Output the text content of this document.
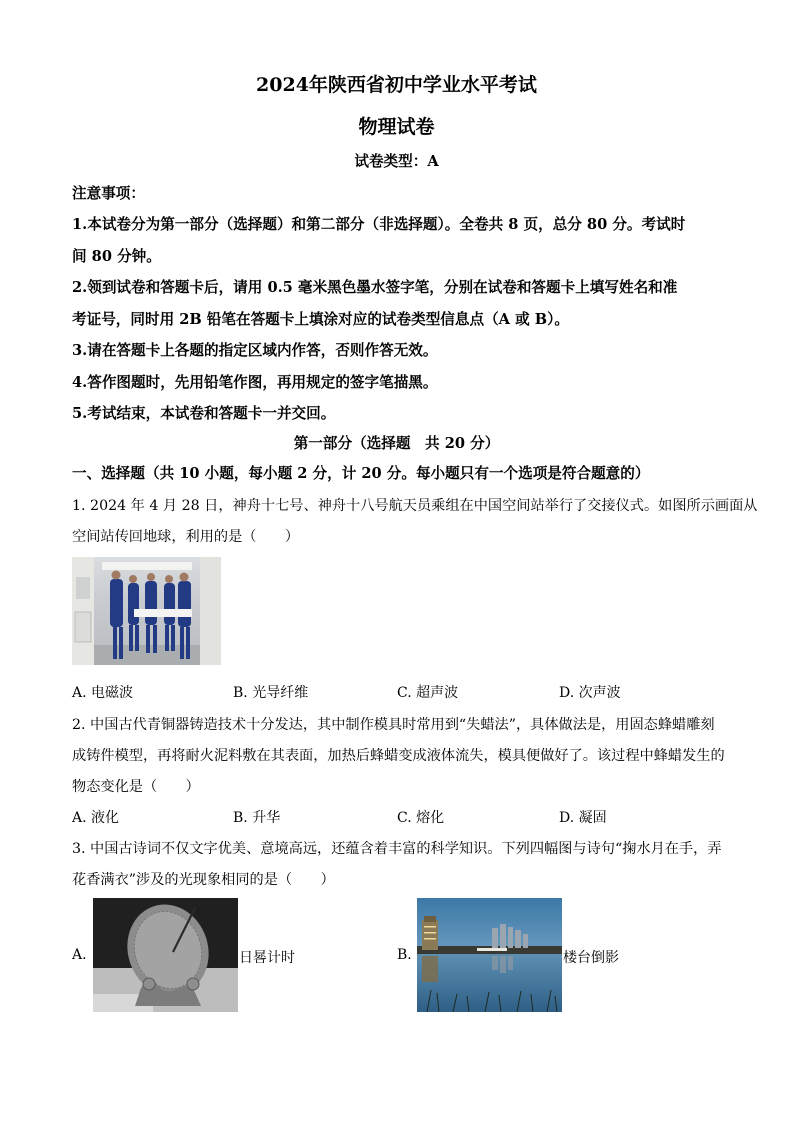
2024年陕西省初中学业水平考试
物理试卷
试卷类型：A
注意事项：
1.本试卷分为第一部分（选择题）和第二部分（非选择题）。全卷共 8 页，总分 80 分。考试时
间 80 分钟。
2.领到试卷和答题卡后，请用 0.5 毫米黑色墨水签字笔，分别在试卷和答题卡上填写姓名和准
考证号，同时用 2B 铅笔在答题卡上填涂对应的试卷类型信息点（A 或 B）。
3.请在答题卡上各题的指定区域内作答，否则作答无效。
4.答作图题时，先用铅笔作图，再用规定的签字笔描黑。
5.考试结束，本试卷和答题卡一并交回。
第一部分（选择题　共 20 分）
一、选择题（共 10 小题，每小题 2 分，计 20 分。每小题只有一个选项是符合题意的）
1. 2024 年 4 月 28 日，神舟十七号、神舟十八号航天员乘组在中国空间站举行了交接仪式。如图所示画面从
空间站传回地球，利用的是（　　）
A. 电磁波	B. 光导纤维	C. 超声波	D. 次声波
2. 中国古代青铜器铸造技术十分发达，其中制作模具时常用到“失蜡法”，具体做法是，用固态蜂蜡雕刻
成铸件模型，再将耐火泥料敷在其表面，加热后蜂蜡变成液体流失，模具便做好了。该过程中蜂蜡发生的
物态变化是（　　）
A. 液化	B. 升华	C. 熔化	D. 凝固
3. 中国古诗词不仅文字优美、意境高远，还蕴含着丰富的科学知识。下列四幅图与诗句“掬水月在手，弄
花香满衣”涉及的光现象相同的是（　　）
A.	日晷计时	B.	楼台倒影
